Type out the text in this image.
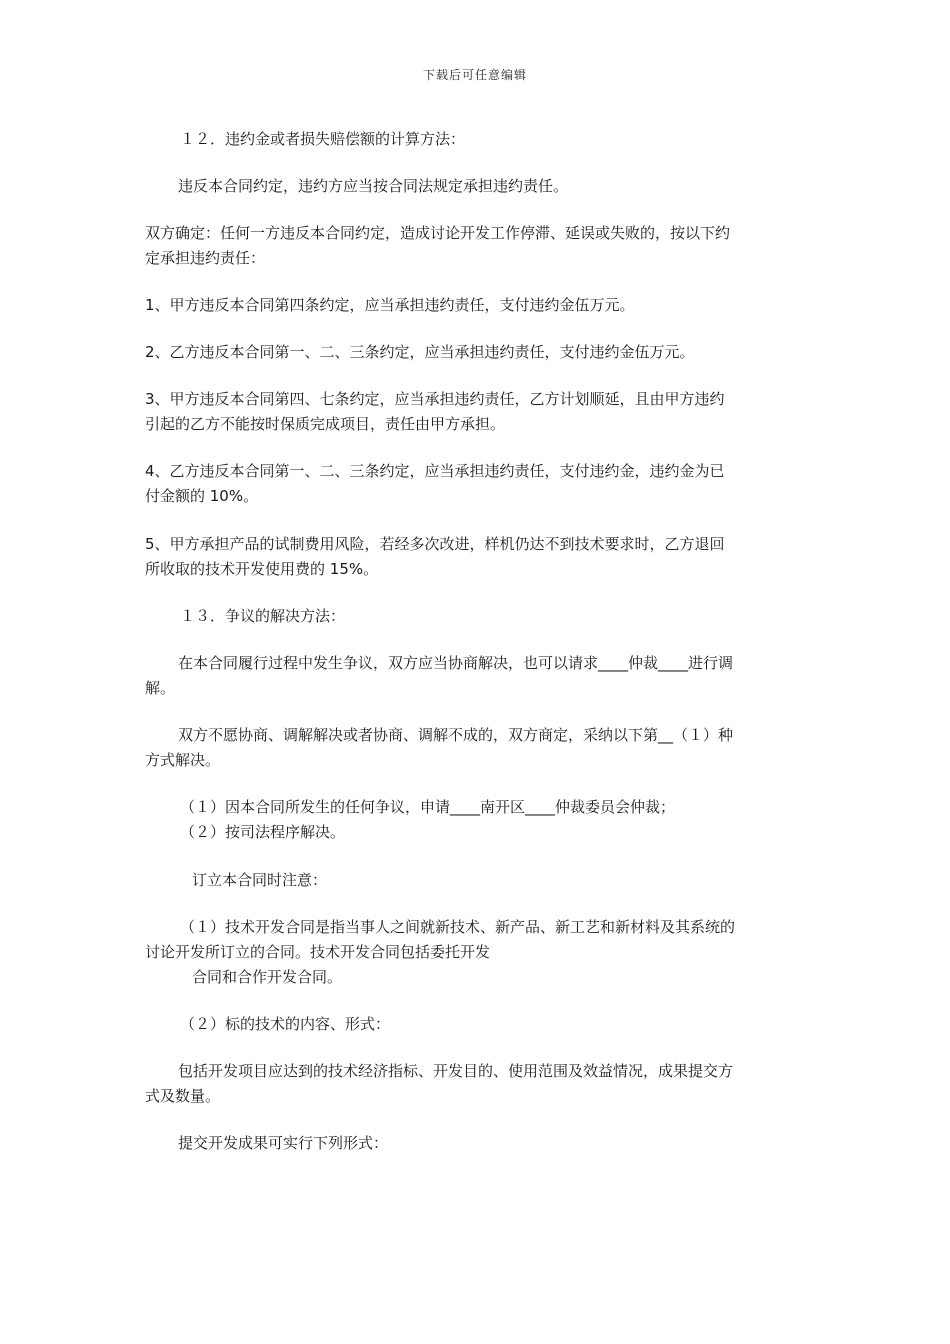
下载后可任意编辑
１２．违约金或者损失赔偿额的计算方法：
违反本合同约定，违约方应当按合同法规定承担违约责任。
双方确定：任何一方违反本合同约定，造成讨论开发工作停滞、延误或失败的，按以下约
定承担违约责任：
1、甲方违反本合同第四条约定，应当承担违约责任，支付违约金伍万元。
2、乙方违反本合同第一、二、三条约定，应当承担违约责任，支付违约金伍万元。
3、甲方违反本合同第四、七条约定，应当承担违约责任，乙方计划顺延，且由甲方违约
引起的乙方不能按时保质完成项目，责任由甲方承担。
4、乙方违反本合同第一、二、三条约定，应当承担违约责任，支付违约金，违约金为已
付金额的 10%。
5、甲方承担产品的试制费用风险，若经多次改进，样机仍达不到技术要求时，乙方退回
所收取的技术开发使用费的 15%。
１３．争议的解决方法：
在本合同履行过程中发生争议，双方应当协商解决，也可以请求____仲裁____进行调
解。
双方不愿协商、调解解决或者协商、调解不成的，双方商定，采纳以下第__（１）种
方式解决。
（１）因本合同所发生的任何争议，申请____南开区____仲裁委员会仲裁；
（２）按司法程序解决。
订立本合同时注意：
（１）技术开发合同是指当事人之间就新技术、新产品、新工艺和新材料及其系统的
讨论开发所订立的合同。技术开发合同包括委托开发
合同和合作开发合同。
（２）标的技术的内容、形式：
包括开发项目应达到的技术经济指标、开发目的、使用范围及效益情况，成果提交方
式及数量。
提交开发成果可实行下列形式：
